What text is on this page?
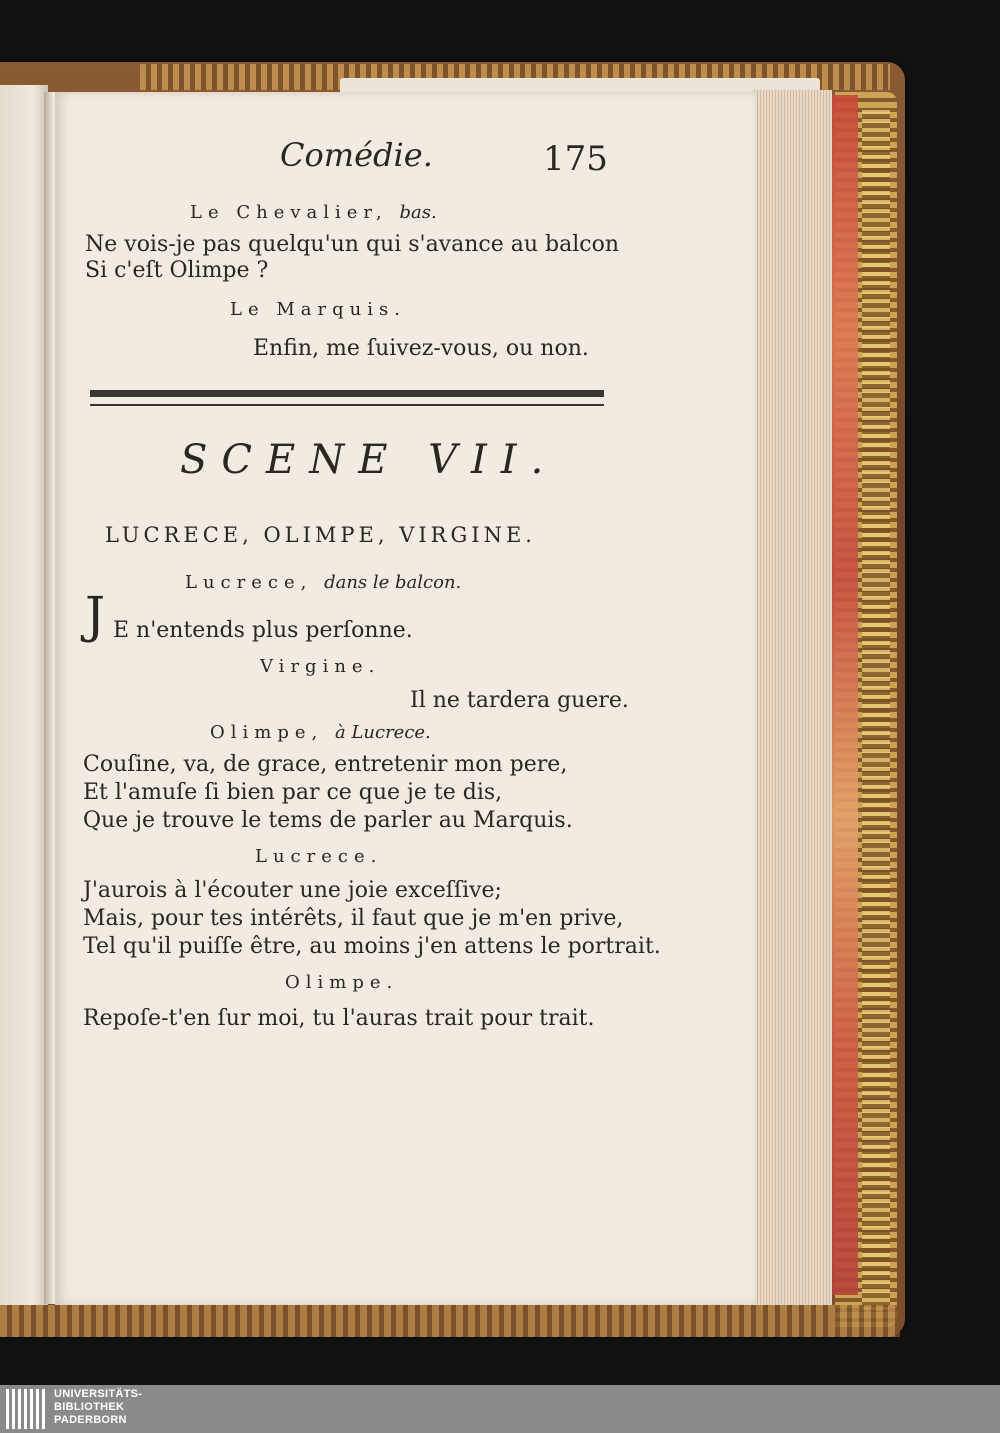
Comédie.	175
Le Chevalier, bas.
Ne vois-je pas quelqu'un qui s'avance au balcon
Si c'eſt Olimpe ?
Le Marquis.
Enfin, me ſuivez-vous, ou non.
SCENE VII.
LUCRECE, OLIMPE, VIRGINE.
Lucrece, dans le balcon.
J E n'entends plus perſonne.
Virgine.
Il ne tardera guere.
Olimpe, à Lucrece.
Couſine, va, de grace, entretenir mon pere,
Et l'amuſe ſi bien par ce que je te dis,
Que je trouve le tems de parler au Marquis.
Lucrece.
J'aurois à l'écouter une joie exceſſive;
Mais, pour tes intérêts, il faut que je m'en prive,
Tel qu'il puiſſe être, au moins j'en attens le portrait.
Olimpe.
Repoſe-t'en ſur moi, tu l'auras trait pour trait.
UNIVERSITÄTS-
BIBLIOTHEK
PADERBORN
